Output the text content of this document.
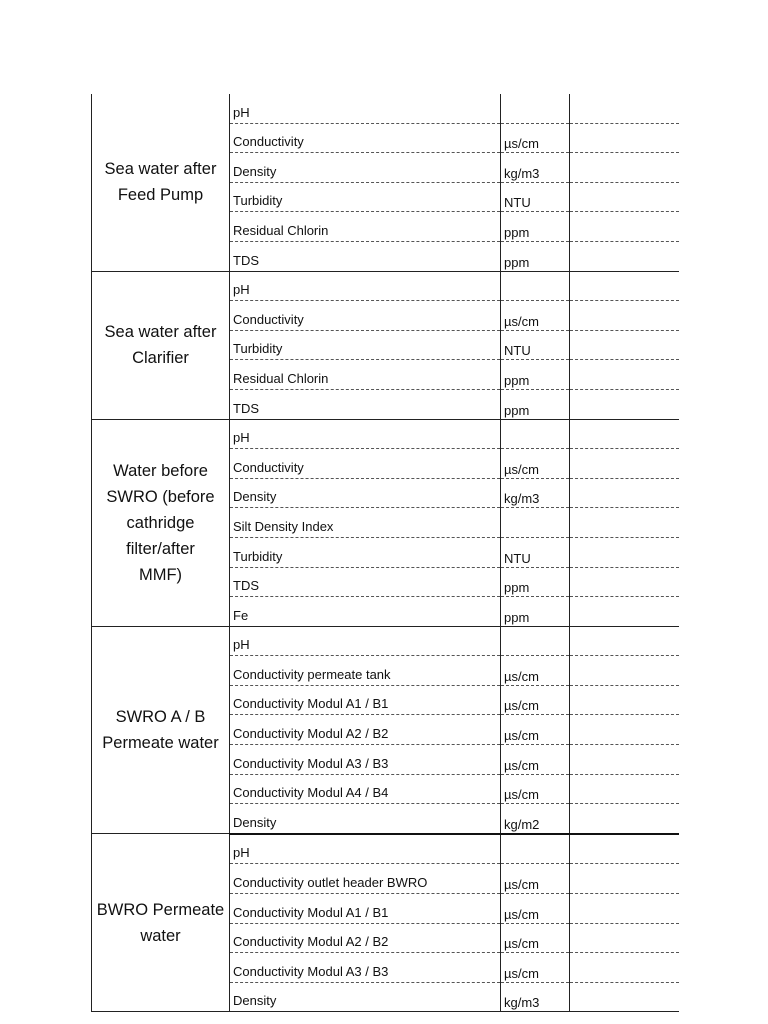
Sea water after
Feed Pump	pH		
	Conductivity	µs/cm	
	Density	kg/m3	
	Turbidity	NTU	
	Residual Chlorin	ppm	
	TDS	ppm	
Sea water after
Clarifier	pH		
	Conductivity	µs/cm	
	Turbidity	NTU	
	Residual Chlorin	ppm	
	TDS	ppm	
Water before
SWRO (before
cathridge
filter/after
MMF)	pH		
	Conductivity	µs/cm	
	Density	kg/m3	
	Silt Density Index		
	Turbidity	NTU	
	TDS	ppm	
	Fe	ppm	
SWRO A / B
Permeate water	pH		
	Conductivity permeate tank	µs/cm	
	Conductivity Modul A1 / B1	µs/cm	
	Conductivity Modul A2 / B2	µs/cm	
	Conductivity Modul A3 / B3	µs/cm	
	Conductivity Modul A4 / B4	µs/cm	
	Density	kg/m2	
BWRO Permeate
water	pH		
	Conductivity outlet header BWRO	µs/cm	
	Conductivity Modul A1 / B1	µs/cm	
	Conductivity Modul A2 / B2	µs/cm	
	Conductivity Modul A3 / B3	µs/cm	
	Density	kg/m3	
